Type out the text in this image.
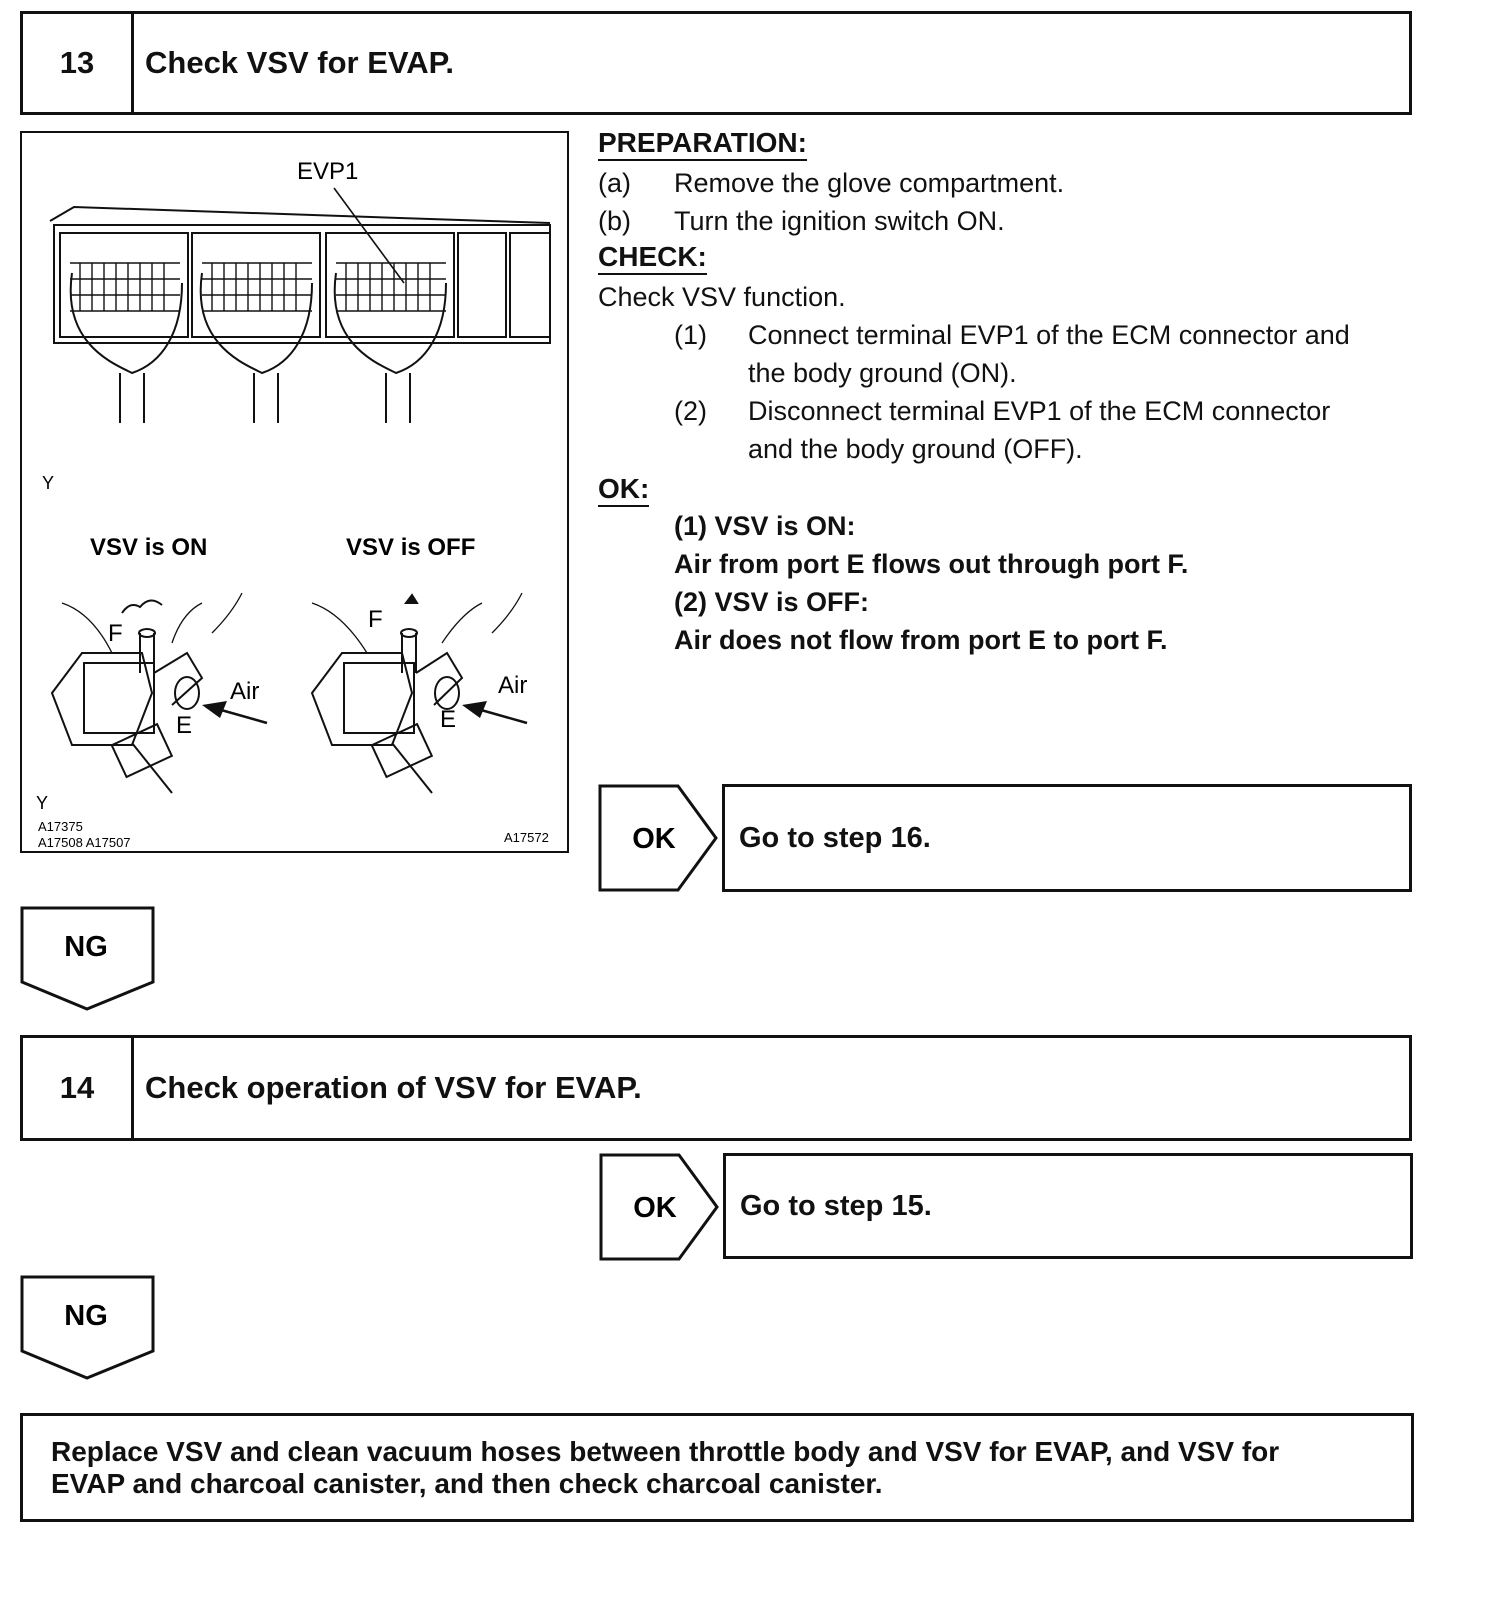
13	Check VSV for EVAP.
EVP1
Y
VSV is ON	VSV is OFF
F
Air
E
F
Air
E
Y
A17375
A17508 A17507	A17572
PREPARATION:
(a) Remove the glove compartment.
(b) Turn the ignition switch ON.
CHECK:
Check VSV function.
(1) Connect terminal EVP1 of the ECM connector and
the body ground (ON).
(2) Disconnect terminal EVP1 of the ECM connector
and the body ground (OFF).
OK:
(1) VSV is ON:
Air from port E flows out through port F.
(2) VSV is OFF:
Air does not flow from port E to port F.
OK Go to step 16.
NG
14	Check operation of VSV for EVAP.
OK Go to step 15.
NG
Replace VSV and clean vacuum hoses between throttle body and VSV for EVAP, and VSV for
EVAP and charcoal canister, and then check charcoal canister.
